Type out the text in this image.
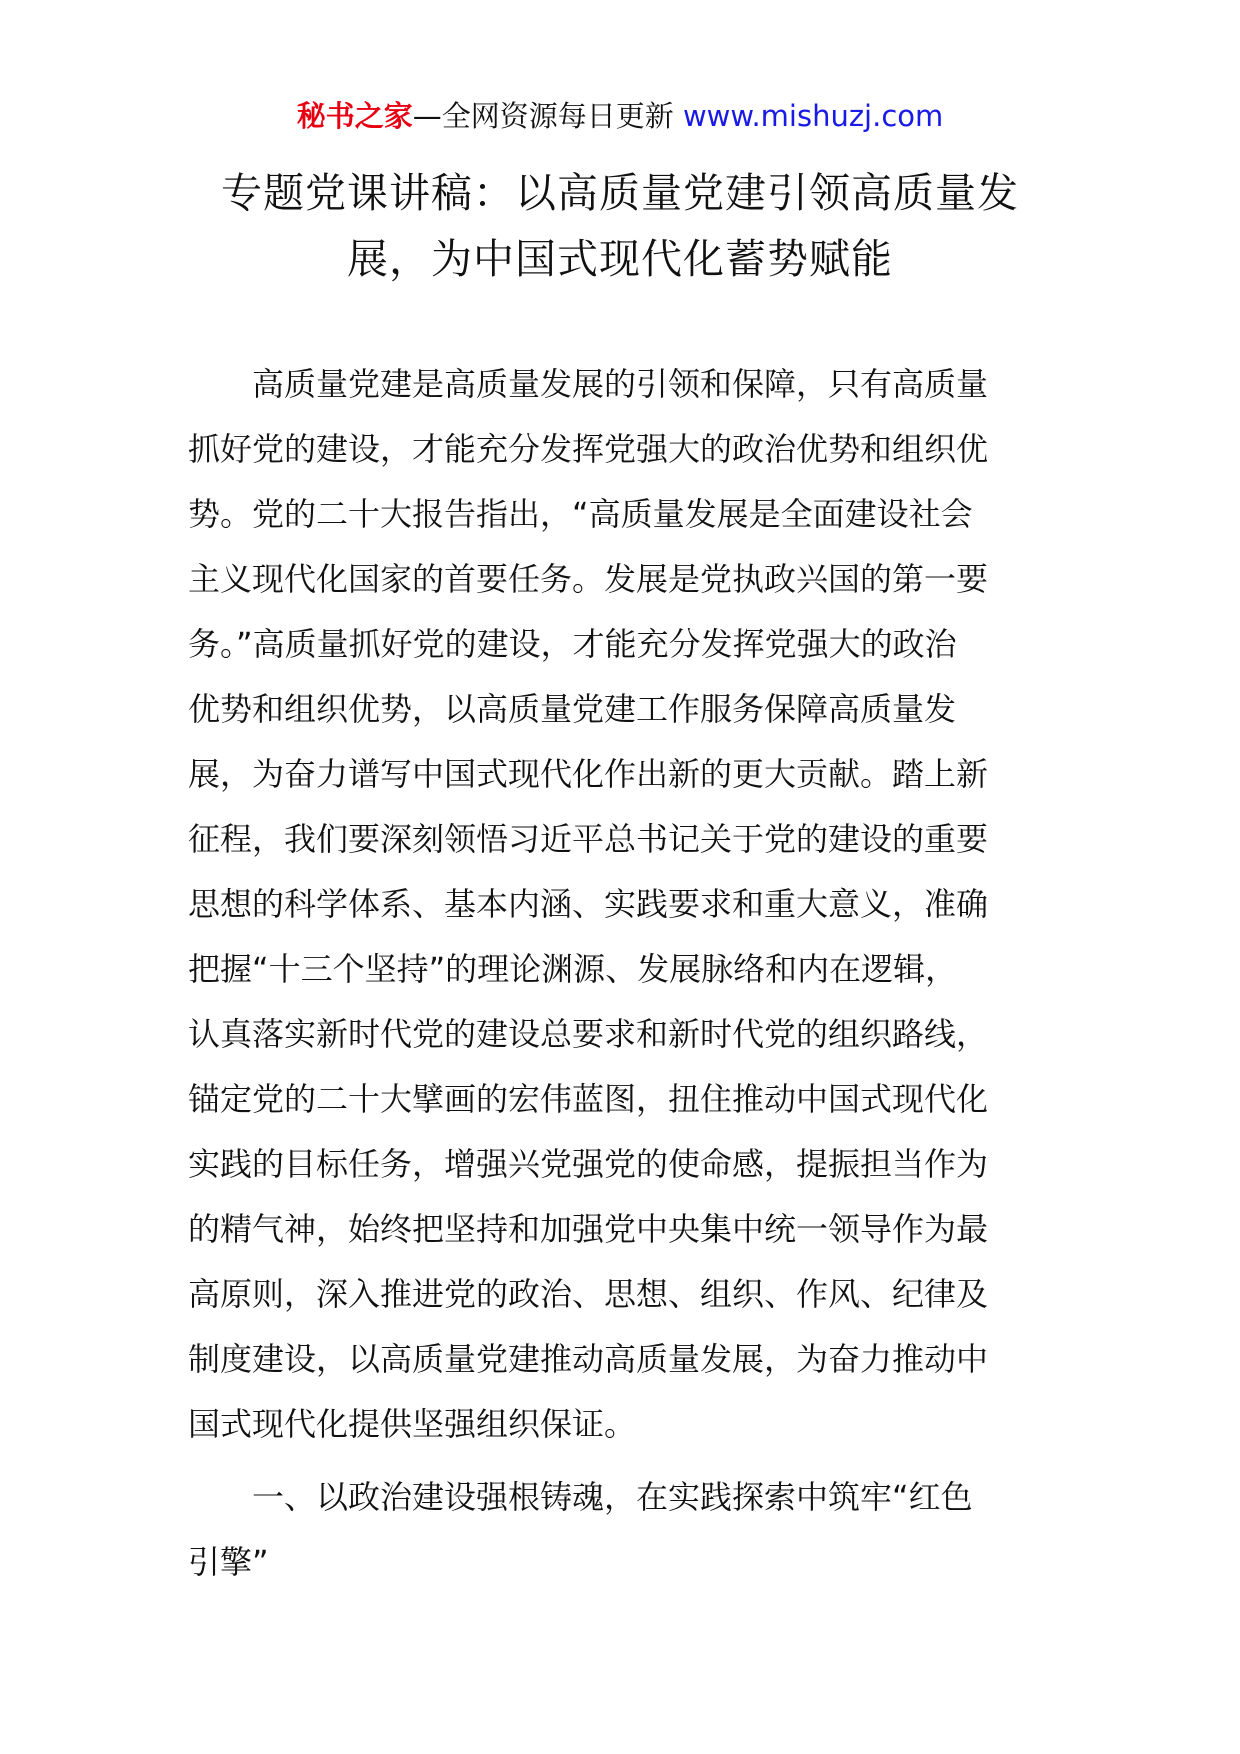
秘书之家—全网资源每日更新 www.mishuzj.com
专题党课讲稿：以高质量党建引领高质量发
展，为中国式现代化蓄势赋能
高质量党建是高质量发展的引领和保障，只有高质量
抓好党的建设，才能充分发挥党强大的政治优势和组织优
势。党的二十大报告指出，“高质量发展是全面建设社会
主义现代化国家的首要任务。发展是党执政兴国的第一要
务。”高质量抓好党的建设，才能充分发挥党强大的政治
优势和组织优势，以高质量党建工作服务保障高质量发
展，为奋力谱写中国式现代化作出新的更大贡献。踏上新
征程，我们要深刻领悟习近平总书记关于党的建设的重要
思想的科学体系、基本内涵、实践要求和重大意义，准确
把握“十三个坚持”的理论渊源、发展脉络和内在逻辑，
认真落实新时代党的建设总要求和新时代党的组织路线，
锚定党的二十大擘画的宏伟蓝图，扭住推动中国式现代化
实践的目标任务，增强兴党强党的使命感，提振担当作为
的精气神，始终把坚持和加强党中央集中统一领导作为最
高原则，深入推进党的政治、思想、组织、作风、纪律及
制度建设，以高质量党建推动高质量发展，为奋力推动中
国式现代化提供坚强组织保证。
一、以政治建设强根铸魂，在实践探索中筑牢“红色
引擎”
